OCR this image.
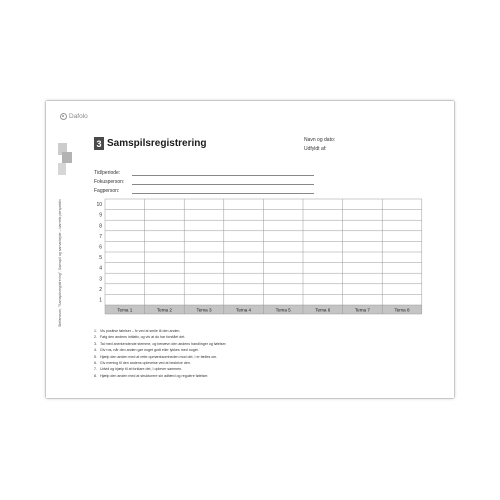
Dafolo
Stefansson, ”Samspilsregistrering”, Samspil og samarbejde – barnets perspektiv
3 Samspilsregistrering	Navn og dato:
Udfyldt af:
Tid/periode:
Fokusperson:
Fagperson:
10
9
8
7
6
5
4
3
2
1
Tema 1	Tema 2	Tema 3	Tema 4	Tema 5	Tema 6	Tema 7	Tema 8
1. Vis positive følelser – fx ved at smile til den anden.
2. Følg den andens initiativ, og vis at du har forstået det.
3. Tal med anerkendende stemme, og benævn den andens handlinger og følelser.
4. Giv ros, når den anden gør noget godt eller lykkes med noget.
5. Hjælp den anden med at rette opmærksomheden mod det, I er fælles om.
6. Giv mening til den andens oplevelse ved at beskrive den.
7. Udvid og hjælp til at forklare det, I oplever sammen.
8. Hjælp den anden med at strukturere sin adfærd og regulere følelser.
